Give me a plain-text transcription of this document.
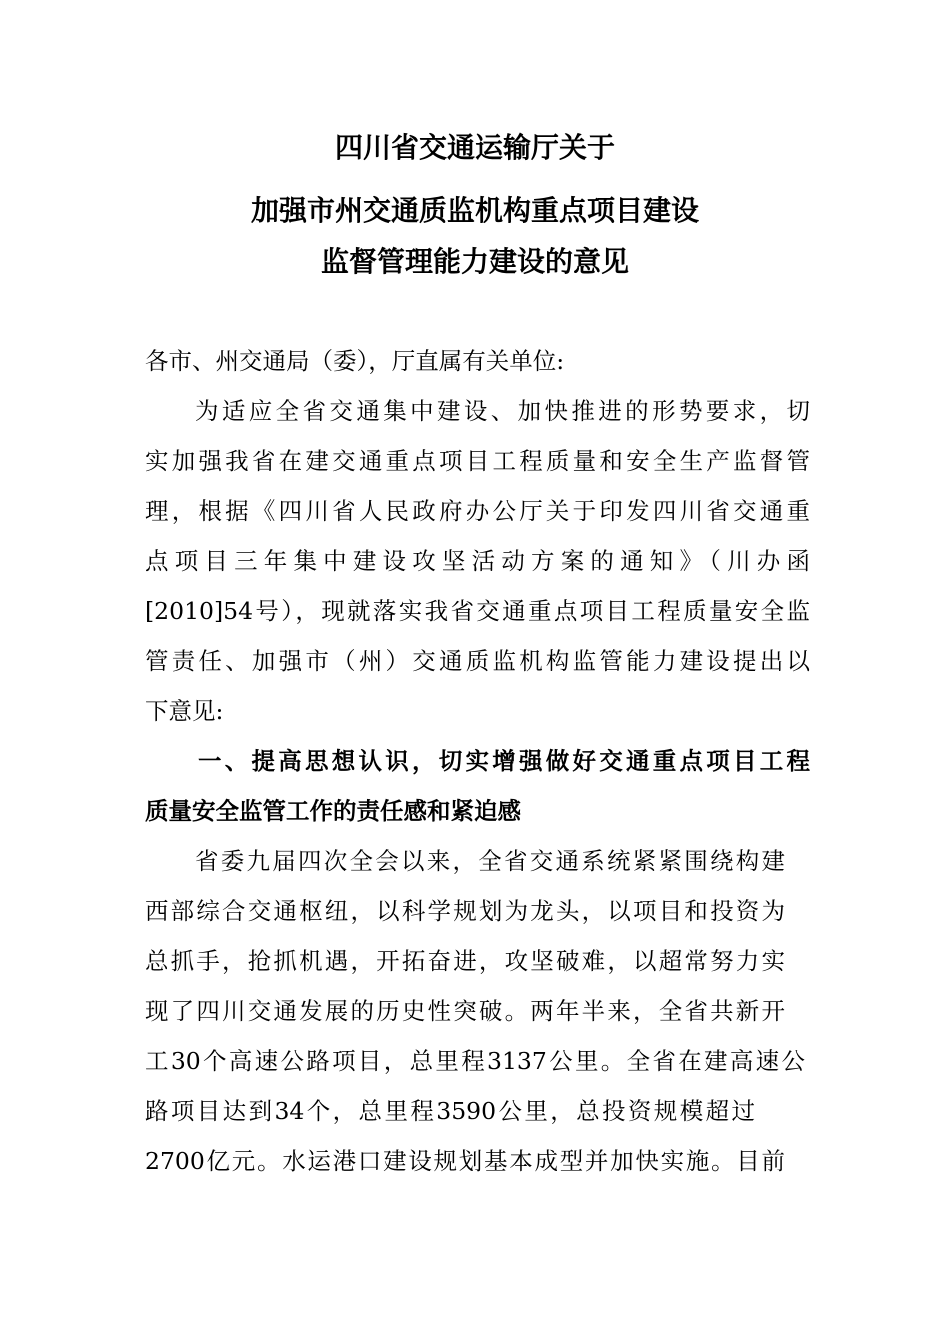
四川省交通运输厅关于
加强市州交通质监机构重点项目建设
监督管理能力建设的意见

各市、州交通局（委），厅直属有关单位:

为适应全省交通集中建设、加快推进的形势要求，切

实加强我省在建交通重点项目工程质量和安全生产监督管

理，根据《四川省人民政府办公厅关于印发四川省交通重

点项目三年集中建设攻坚活动方案的通知》（川办函

[2010]54号），现就落实我省交通重点项目工程质量安全监

管责任、加强市（州）交通质监机构监管能力建设提出以

下意见:

一、提高思想认识，切实增强做好交通重点项目工程

质量安全监管工作的责任感和紧迫感

省委九届四次全会以来，全省交通系统紧紧围绕构建

西部综合交通枢纽，以科学规划为龙头，以项目和投资为

总抓手，抢抓机遇，开拓奋进，攻坚破难，以超常努力实

现了四川交通发展的历史性突破。两年半来，全省共新开

工30个高速公路项目，总里程3137公里。全省在建高速公

路项目达到34个，总里程3590公里，总投资规模超过

2700亿元。水运港口建设规划基本成型并加快实施。目前
